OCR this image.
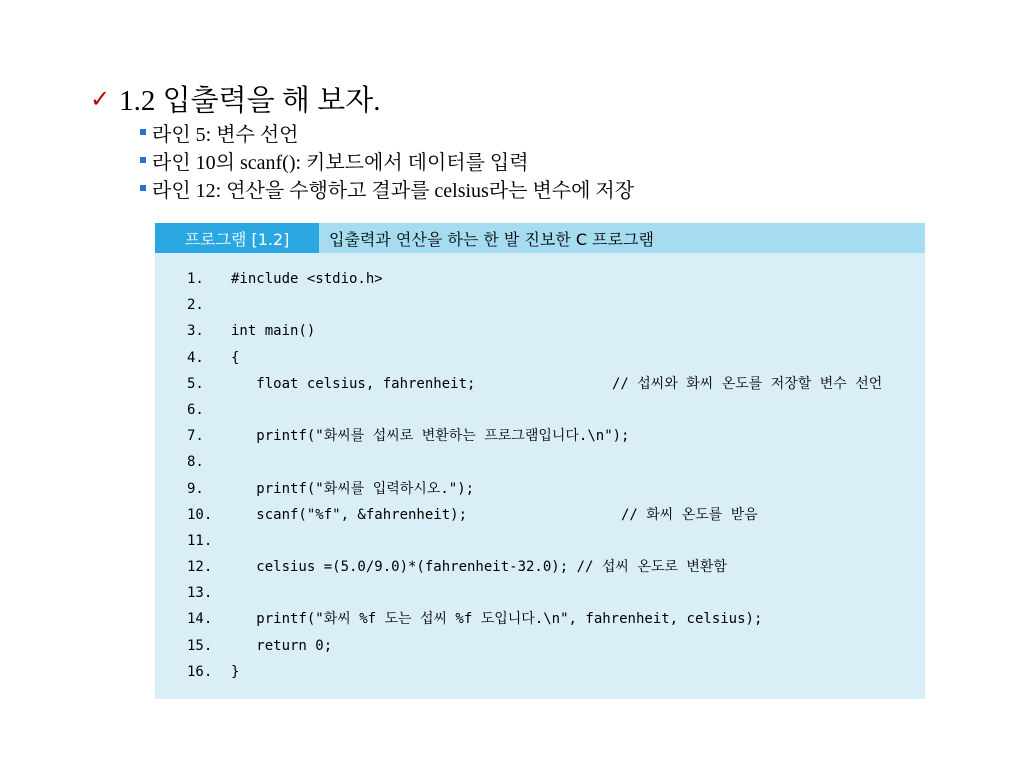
✓ 1.2 입출력을 해 보자.
라인 5: 변수 선언
라인 10의 scanf(): 키보드에서 데이터를 입력
라인 12: 연산을 수행하고 결과를 celsius라는 변수에 저장
프로그램 [1.2]	입출력과 연산을 하는 한 발 진보한 C 프로그램
1. #include <stdio.h>
2.
3. int main()
4. {
5.   float celsius, fahrenheit;	// 섭씨와 화씨 온도를 저장할 변수 선언
6.
7.   printf("화씨를 섭씨로 변환하는 프로그램입니다.\n");
8.
9.   printf("화씨를 입력하시오.");
10.   scanf("%f", &fahrenheit);	// 화씨 온도를 받음
11.
12.   celsius =(5.0/9.0)*(fahrenheit-32.0); // 섭씨 온도로 변환함
13.
14.   printf("화씨 %f 도는 섭씨 %f 도입니다.\n", fahrenheit, celsius);
15.   return 0;
16. }
